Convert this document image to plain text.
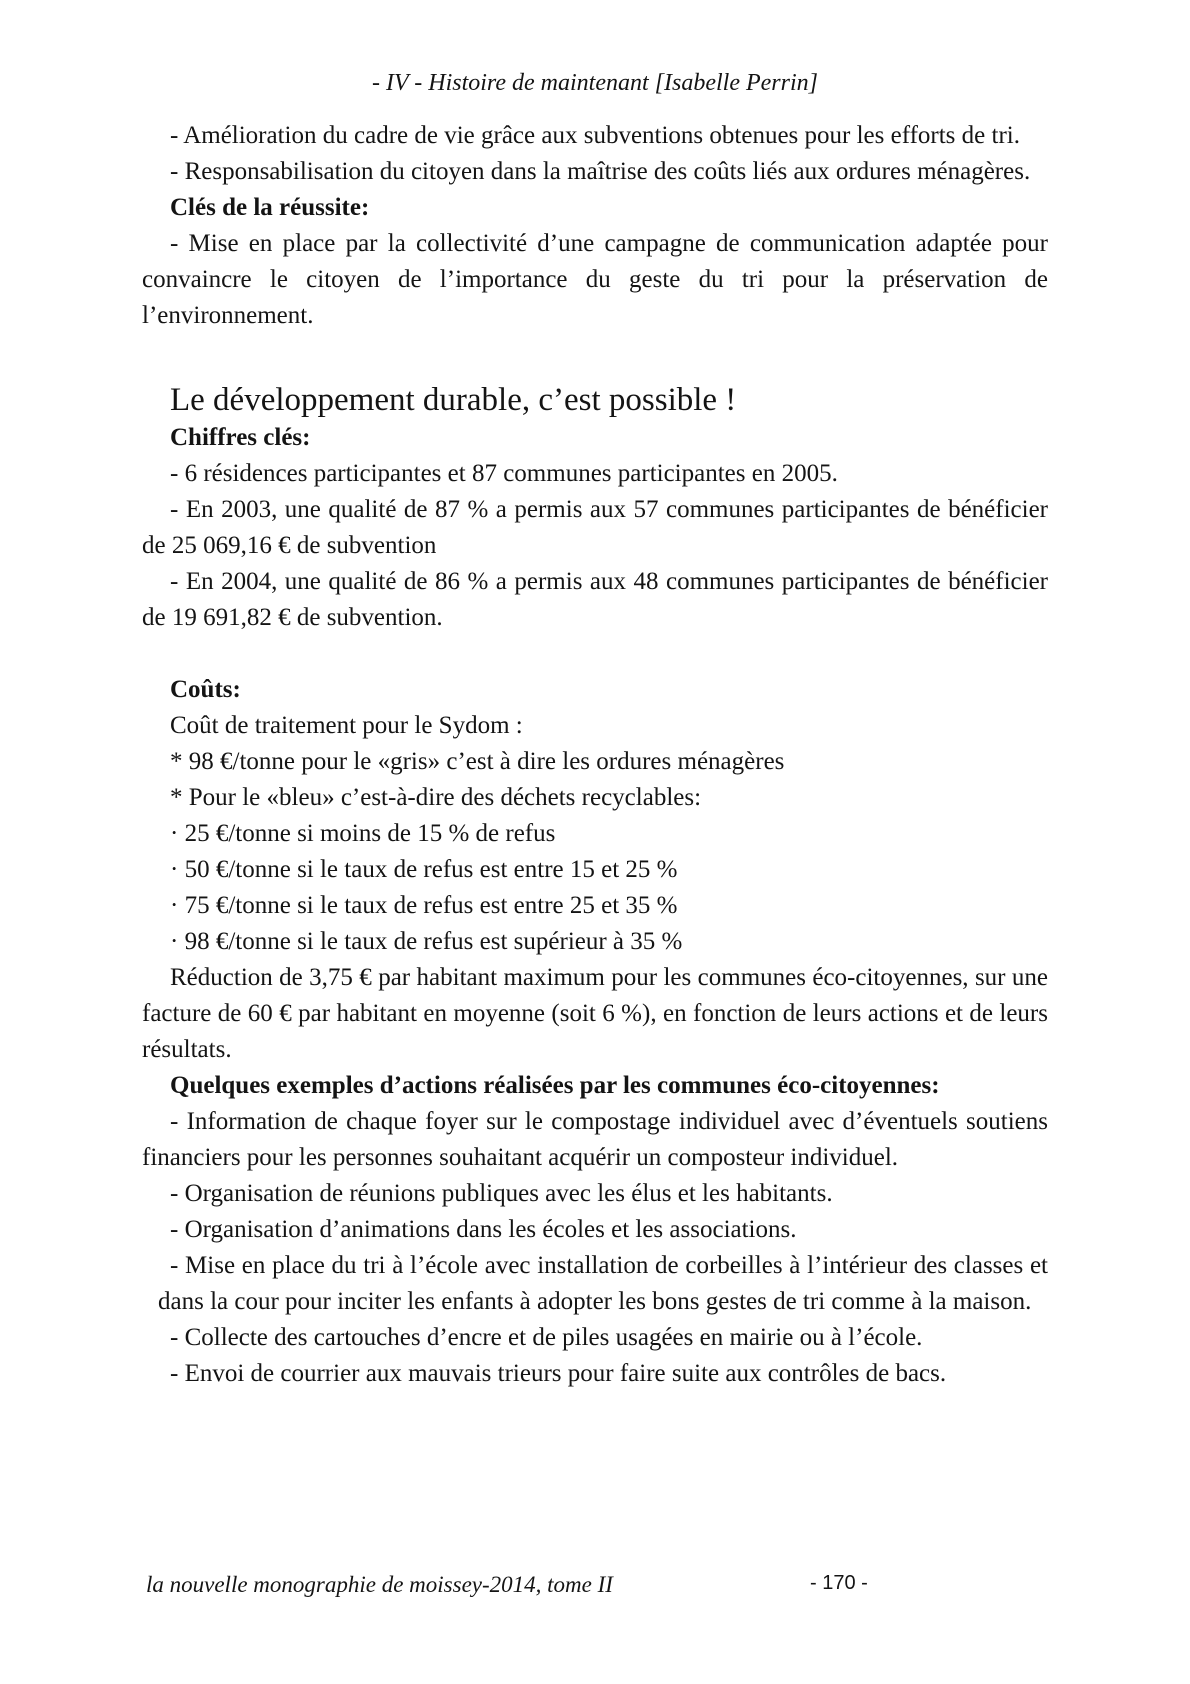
- IV - Histoire de maintenant [Isabelle Perrin]

- Amélioration du cadre de vie grâce aux subventions obtenues pour les efforts de tri.

- Responsabilisation du citoyen dans la maîtrise des coûts liés aux ordures ménagères.

Clés de la réussite:

- Mise en place par la collectivité d’une campagne de communication adaptée pour convaincre le citoyen de l’importance du geste du tri pour la préservation de l’environnement.

Le développement durable, c’est possible !

Chiffres clés:

- 6 résidences participantes et 87 communes participantes en 2005.

- En 2003, une qualité de 87 % a permis aux 57 communes participantes de bénéficier de 25 069,16 € de subvention

- En 2004, une qualité de 86 % a permis aux 48 communes participantes de bénéficier de 19 691,82 € de subvention.

Coûts:

Coût de traitement pour le Sydom :

* 98 €/tonne pour le «gris» c’est à dire les ordures ménagères

* Pour le «bleu» c’est-à-dire des déchets recyclables:

· 25 €/tonne si moins de 15 % de refus

· 50 €/tonne si le taux de refus est entre 15 et 25 %

· 75 €/tonne si le taux de refus est entre 25 et 35 %

· 98 €/tonne si le taux de refus est supérieur à 35 %

Réduction de 3,75 € par habitant maximum pour les communes éco-citoyennes, sur une facture de 60 € par habitant en moyenne (soit 6 %), en fonction de leurs actions et de leurs résultats.

Quelques exemples d’actions réalisées par les communes éco-citoyennes:

- Information de chaque foyer sur le compostage individuel avec d’éventuels soutiens financiers pour les personnes souhaitant acquérir un composteur individuel.

- Organisation de réunions publiques avec les élus et les habitants.

- Organisation d’animations dans les écoles et les associations.

- Mise en place du tri à l’école avec installation de corbeilles à l’intérieur des classes et dans la cour pour inciter les enfants à adopter les bons gestes de tri comme à la maison.

- Collecte des cartouches d’encre et de piles usagées en mairie ou à l’école.

- Envoi de courrier aux mauvais trieurs pour faire suite aux contrôles de bacs.

la nouvelle monographie de moissey-2014, tome II	- 170 -
